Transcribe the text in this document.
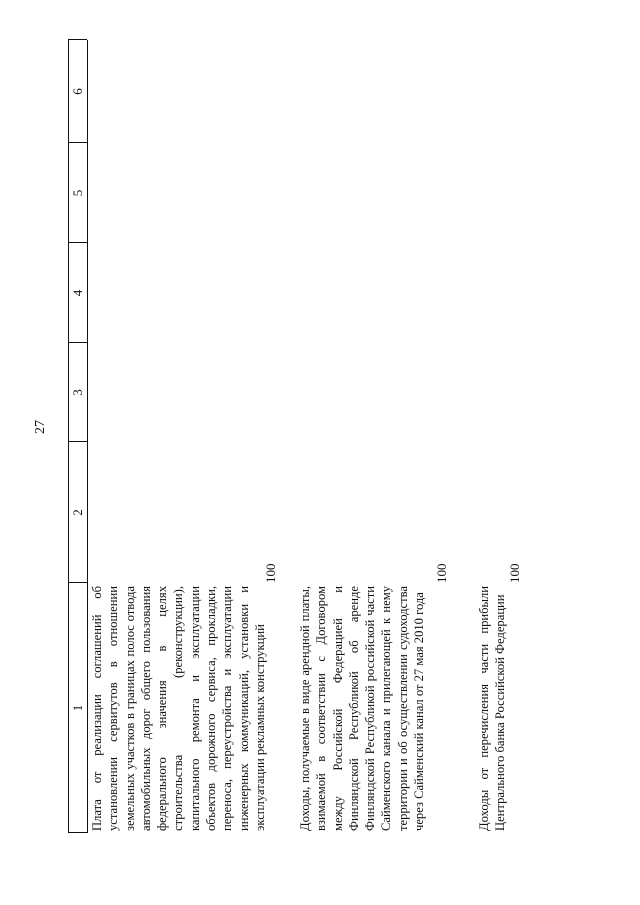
27
1
2
3
4
5
6
Плата от реализации соглашений об установлении сервитутов в отношении земельных участков в границах полос отвода автомобильных дорог общего пользования федерального значения в целях строительства (реконструкции), капитального ремонта и эксплуатации объектов дорожного сервиса, прокладки, переноса, переустройства и эксплуатации инженерных коммуникаций, установки и эксплуатации рекламных конструкций
100
Доходы, получаемые в виде арендной платы, взимаемой в соответствии с Договором между Российской Федерацией и Финляндской Республикой об аренде Финляндской Республикой российской части Сайменского канала и прилегающей к нему территории и об осуществлении судоходства через Сайменский канал от 27 мая 2010 года
100
Доходы от перечисления части прибыли Центрального банка Российской Федерации
100
